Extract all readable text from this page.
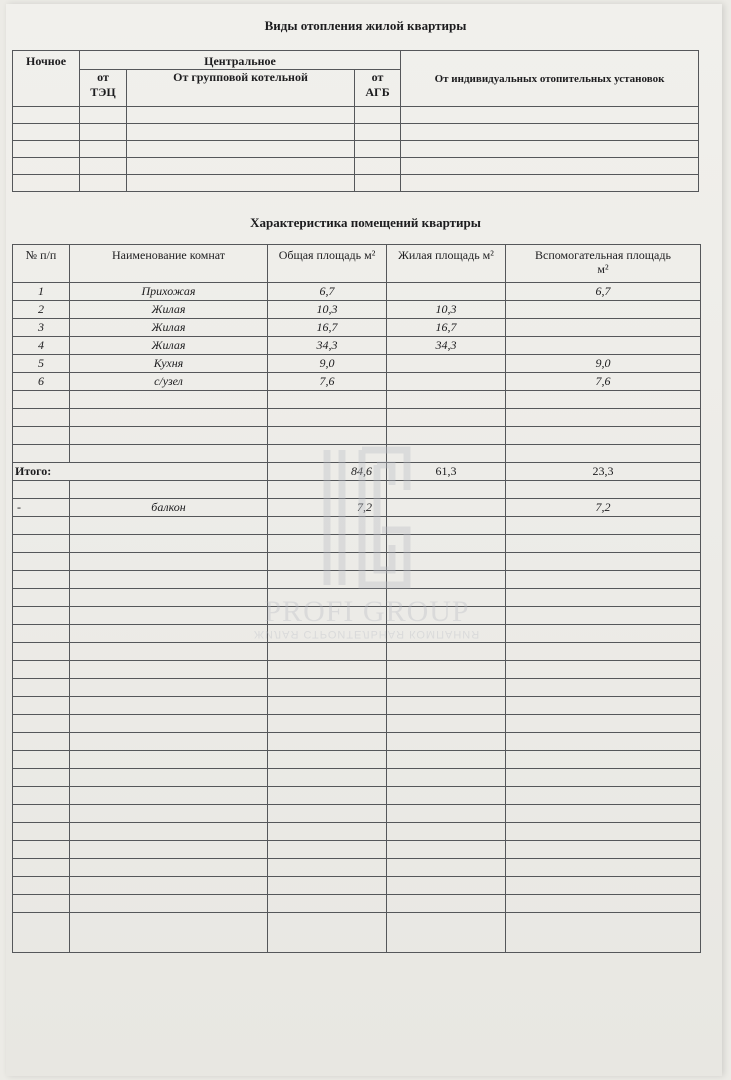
Виды отопления жилой квартиры
Ночное	Центральное			От индивидуальных отопительных установок
	от ТЭЦ	От групповой котельной	от АГБ	

Характеристика помещений квартиры
№ п/п	Наименование комнат	Общая площадь м²	Жилая площадь м²	Вспомогательная площадь м²
1	Прихожая	6,7		6,7
2	Жилая	10,3	10,3	
3	Жилая	16,7	16,7	
4	Жилая	34,3	34,3	
5	Кухня	9,0		9,0
6	с/узел	7,6		7,6

Итого:		84,6	61,3	23,3

-	балкон	7,2		7,2

PROFI GROUP
ЖИЛАЯ СТРОИТЕЛЬНАЯ КОМПАНИЯ
